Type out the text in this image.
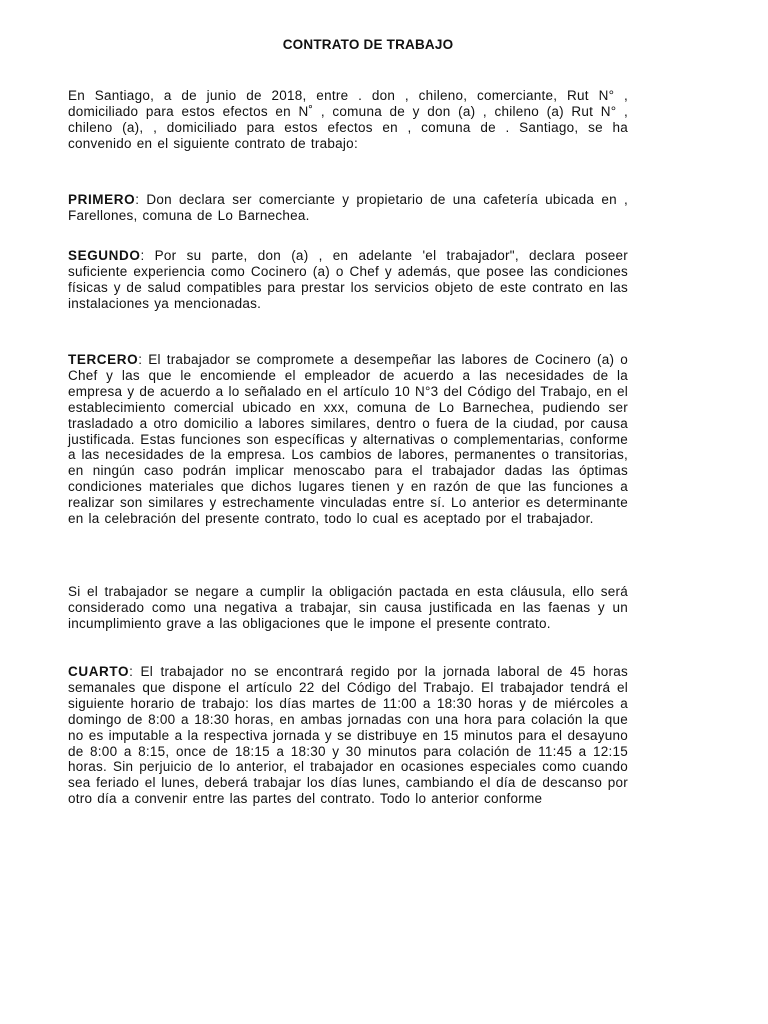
CONTRATO DE TRABAJO

En Santiago, a de junio de 2018, entre . don , chileno, comerciante, Rut N° , domiciliado para estos efectos en N˚ , comuna de y don (a) , chileno (a) Rut N° , chileno (a), , domiciliado para estos efectos en , comuna de . Santiago, se ha convenido en el siguiente contrato de trabajo:

PRIMERO: Don declara ser comerciante y propietario de una cafetería ubicada en , Farellones, comuna de Lo Barnechea.

SEGUNDO: Por su parte, don (a) , en adelante 'el trabajador", declara poseer suficiente experiencia como Cocinero (a) o Chef y además, que posee las condiciones físicas y de salud compatibles para prestar los servicios objeto de este contrato en las instalaciones ya mencionadas.

TERCERO: El trabajador se compromete a desempeñar las labores de Cocinero (a) o Chef y las que le encomiende el empleador de acuerdo a las necesidades de la empresa y de acuerdo a lo señalado en el artículo 10 N°3 del Código del Trabajo, en el establecimiento comercial ubicado en xxx, comuna de Lo Barnechea, pudiendo ser trasladado a otro domicilio a labores similares, dentro o fuera de la ciudad, por causa justificada. Estas funciones son específicas y alternativas o complementarias, conforme a las necesidades de la empresa. Los cambios de labores, permanentes o transitorias, en ningún caso podrán implicar menoscabo para el trabajador dadas las óptimas condiciones materiales que dichos lugares tienen y en razón de que las funciones a realizar son similares y estrechamente vinculadas entre sí. Lo anterior es determinante en la celebración del presente contrato, todo lo cual es aceptado por el trabajador.

Si el trabajador se negare a cumplir la obligación pactada en esta cláusula, ello será considerado como una negativa a trabajar, sin causa justificada en las faenas y un incumplimiento grave a las obligaciones que le impone el presente contrato.

CUARTO: El trabajador no se encontrará regido por la jornada laboral de 45 horas semanales que dispone el artículo 22 del Código del Trabajo. El trabajador tendrá el siguiente horario de trabajo: los días martes de 11:00 a 18:30 horas y de miércoles a domingo de 8:00 a 18:30 horas, en ambas jornadas con una hora para colación la que no es imputable a la respectiva jornada y se distribuye en 15 minutos para el desayuno de 8:00 a 8:15, once de 18:15 a 18:30 y 30 minutos para colación de 11:45 a 12:15 horas. Sin perjuicio de lo anterior, el trabajador en ocasiones especiales como cuando sea feriado el lunes, deberá trabajar los días lunes, cambiando el día de descanso por otro día a convenir entre las partes del contrato. Todo lo anterior conforme
